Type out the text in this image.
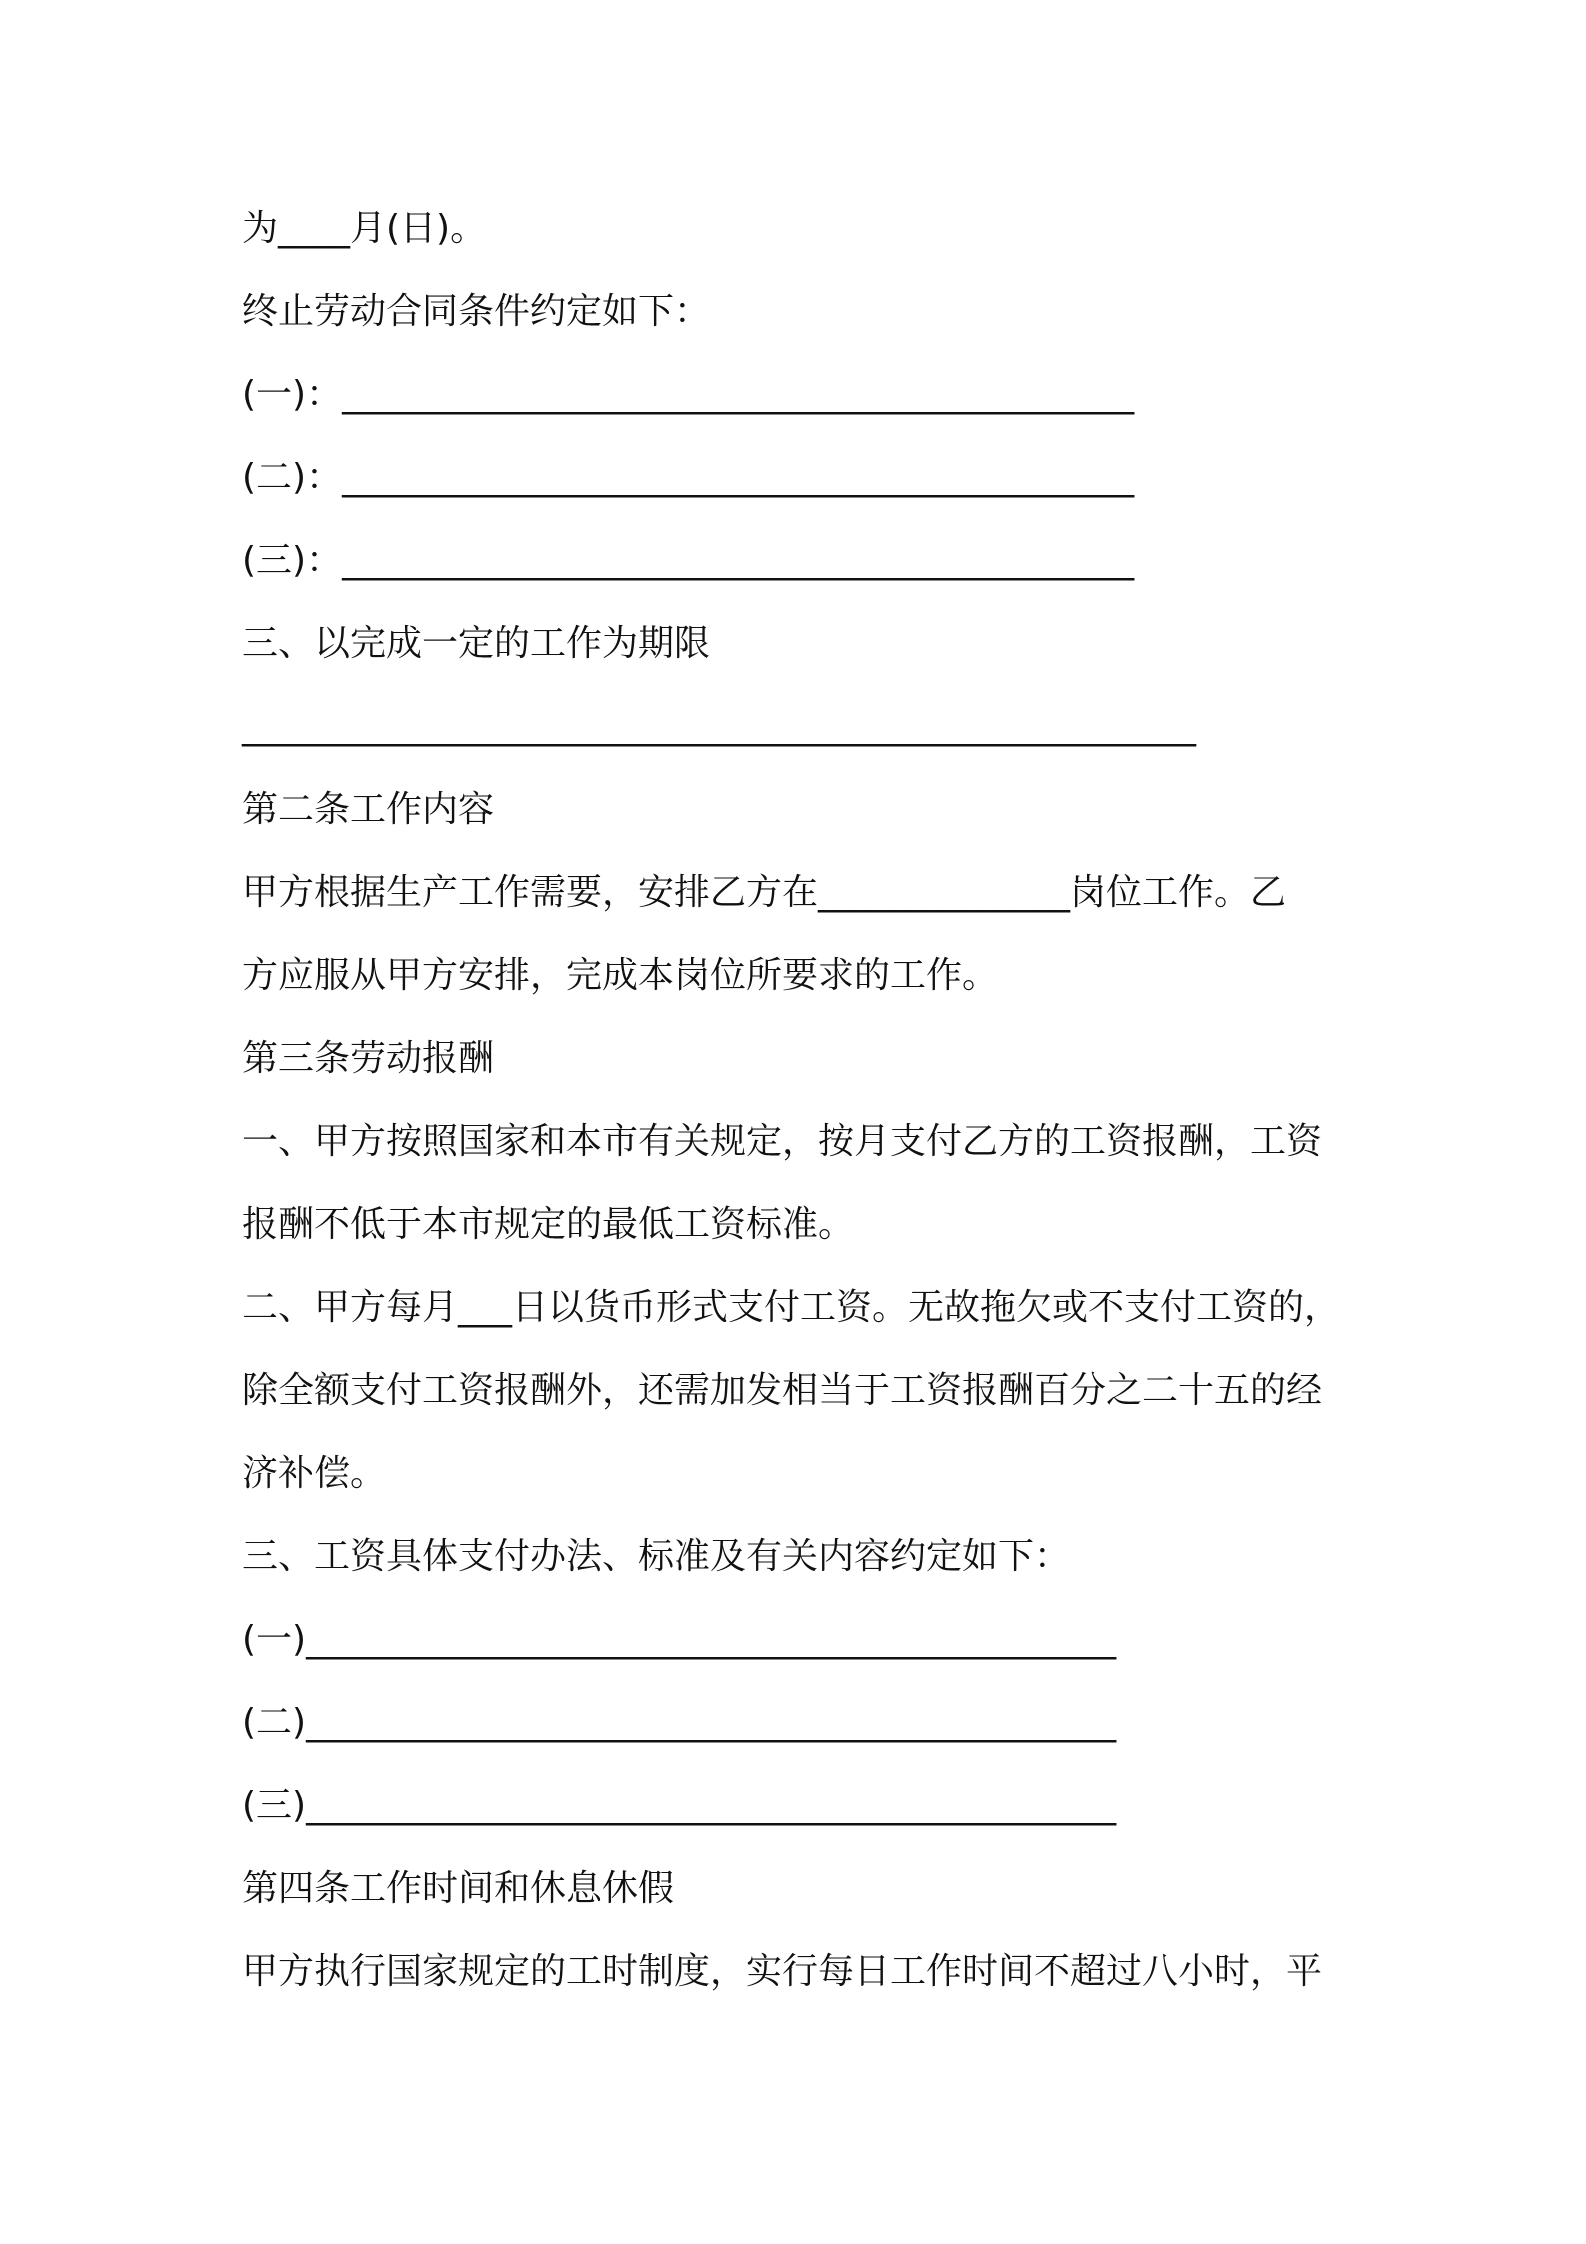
为____月(日)。

终止劳动合同条件约定如下：

(一)：____________________________________________

(二)：____________________________________________

(三)：____________________________________________

三、以完成一定的工作为期限

_____________________________________________________

第二条工作内容

甲方根据生产工作需要，安排乙方在______________岗位工作。乙

方应服从甲方安排，完成本岗位所要求的工作。

第三条劳动报酬

一、甲方按照国家和本市有关规定，按月支付乙方的工资报酬，工资

报酬不低于本市规定的最低工资标准。

二、甲方每月___日以货币形式支付工资。无故拖欠或不支付工资的，

除全额支付工资报酬外，还需加发相当于工资报酬百分之二十五的经

济补偿。

三、工资具体支付办法、标准及有关内容约定如下：

(一)_____________________________________________

(二)_____________________________________________

(三)_____________________________________________

第四条工作时间和休息休假

甲方执行国家规定的工时制度，实行每日工作时间不超过八小时，平
